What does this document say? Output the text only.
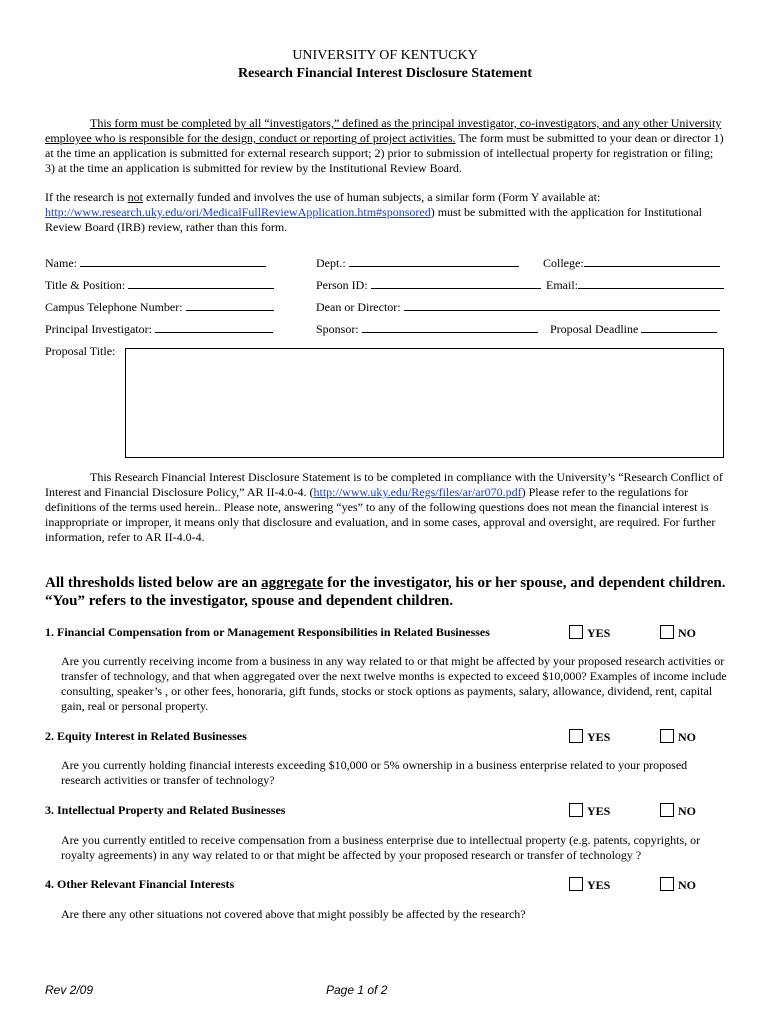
UNIVERSITY OF KENTUCKY
Research Financial Interest Disclosure Statement
This form must be completed by all “investigators,” defined as the principal investigator, co-investigators, and any other University employee who is responsible for the design, conduct or reporting of project activities. The form must be submitted to your dean or director 1) at the time an application is submitted for external research support; 2) prior to submission of intellectual property for registration or filing; 3) at the time an application is submitted for review by the Institutional Review Board.
If the research is not externally funded and involves the use of human subjects, a similar form (Form Y available at:
http://www.research.uky.edu/ori/MedicalFullReviewApplication.htm#sponsored) must be submitted with the application for Institutional Review Board (IRB) review, rather than this form.
Name:	Dept.:	College:
Title & Position:	Person ID:	Email:
Campus Telephone Number:	Dean or Director:
Principal Investigator:	Sponsor:	Proposal Deadline
Proposal Title:
This Research Financial Interest Disclosure Statement is to be completed in compliance with the University’s “Research Conflict of Interest and Financial Disclosure Policy,” AR II-4.0-4. (http://www.uky.edu/Regs/files/ar/ar070.pdf) Please refer to the regulations for definitions of the terms used herein.. Please note, answering “yes” to any of the following questions does not mean the financial interest is inappropriate or improper, it means only that disclosure and evaluation, and in some cases, approval and oversight, are required. For further information, refer to AR II-4.0-4.
All thresholds listed below are an aggregate for the investigator, his or her spouse, and dependent children. “You” refers to the investigator, spouse and dependent children.
1. Financial Compensation from or Management Responsibilities in Related Businesses	YES	NO
Are you currently receiving income from a business in any way related to or that might be affected by your proposed research activities or transfer of technology, and that when aggregated over the next twelve months is expected to exceed $10,000? Examples of income include consulting, speaker’s , or other fees, honoraria, gift funds, stocks or stock options as payments, salary, allowance, dividend, rent, capital gain, real or personal property.
2. Equity Interest in Related Businesses	YES	NO
Are you currently holding financial interests exceeding $10,000 or 5% ownership in a business enterprise related to your proposed research activities or transfer of technology?
3. Intellectual Property and Related Businesses	YES	NO
Are you currently entitled to receive compensation from a business enterprise due to intellectual property (e.g. patents, copyrights, or royalty agreements) in any way related to or that might be affected by your proposed research or transfer of technology ?
4. Other Relevant Financial Interests	YES	NO
Are there any other situations not covered above that might possibly be affected by the research?
Rev 2/09	Page 1 of 2
